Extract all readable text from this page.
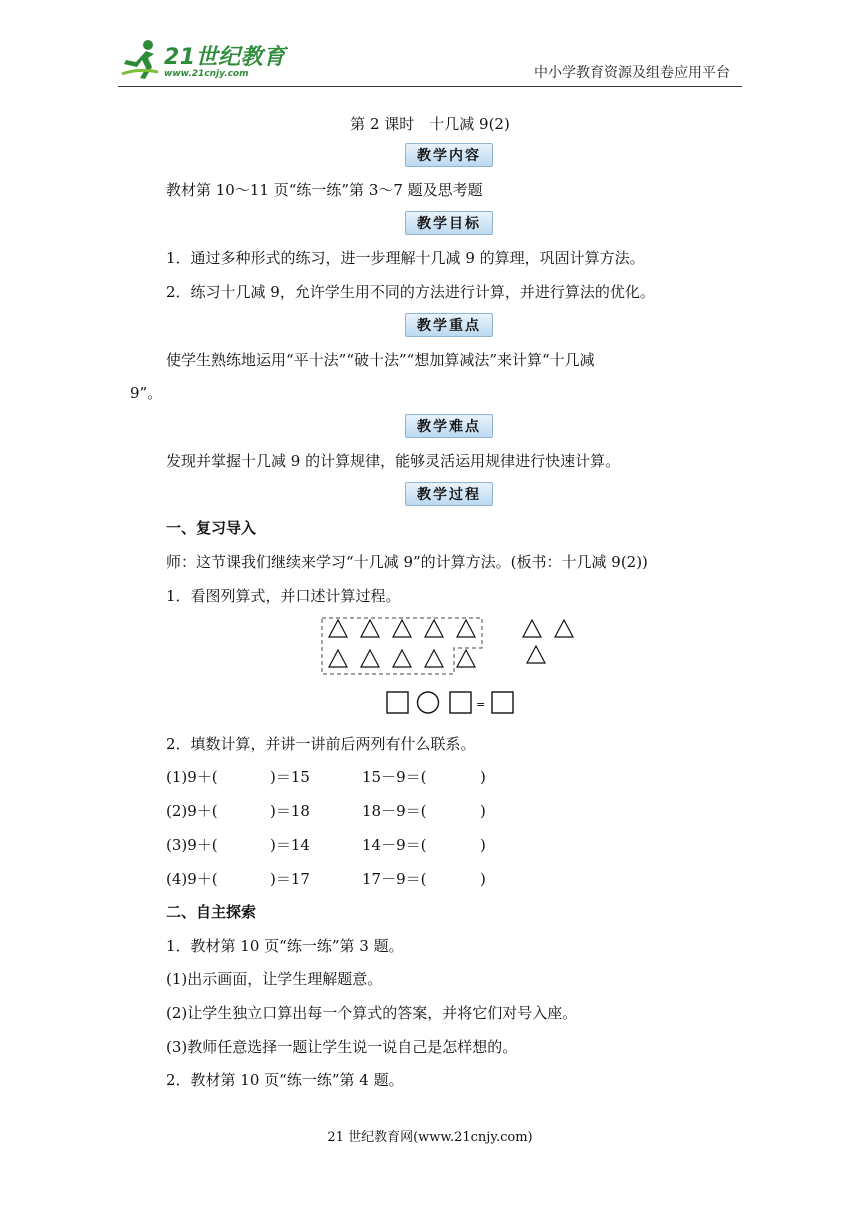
21世纪教育
www.21cnjy.com	中小学教育资源及组卷应用平台
第 2 课时　十几减 9(2)
教学内容
教材第 10～11 页“练一练”第 3～7 题及思考题
教学目标
1．通过多种形式的练习，进一步理解十几减 9 的算理，巩固计算方法。
2．练习十几减 9，允许学生用不同的方法进行计算，并进行算法的优化。
教学重点
使学生熟练地运用“平十法”“破十法”“想加算减法”来计算“十几减
9”。
教学难点
发现并掌握十几减 9 的计算规律，能够灵活运用规律进行快速计算。
教学过程
一、复习导入
师：这节课我们继续来学习“十几减 9”的计算方法。(板书：十几减 9(2))
1．看图列算式，并口述计算过程。
=
2．填数计算，并讲一讲前后两列有什么联系。
(1)9＋(	)＝15	15－9＝(	)
(2)9＋(	)＝18	18－9＝(	)
(3)9＋(	)＝14	14－9＝(	)
(4)9＋(	)＝17	17－9＝(	)
二、自主探索
1．教材第 10 页“练一练”第 3 题。
(1)出示画面，让学生理解题意。
(2)让学生独立口算出每一个算式的答案，并将它们对号入座。
(3)教师任意选择一题让学生说一说自己是怎样想的。
2．教材第 10 页“练一练”第 4 题。
21 世纪教育网(www.21cnjy.com)
